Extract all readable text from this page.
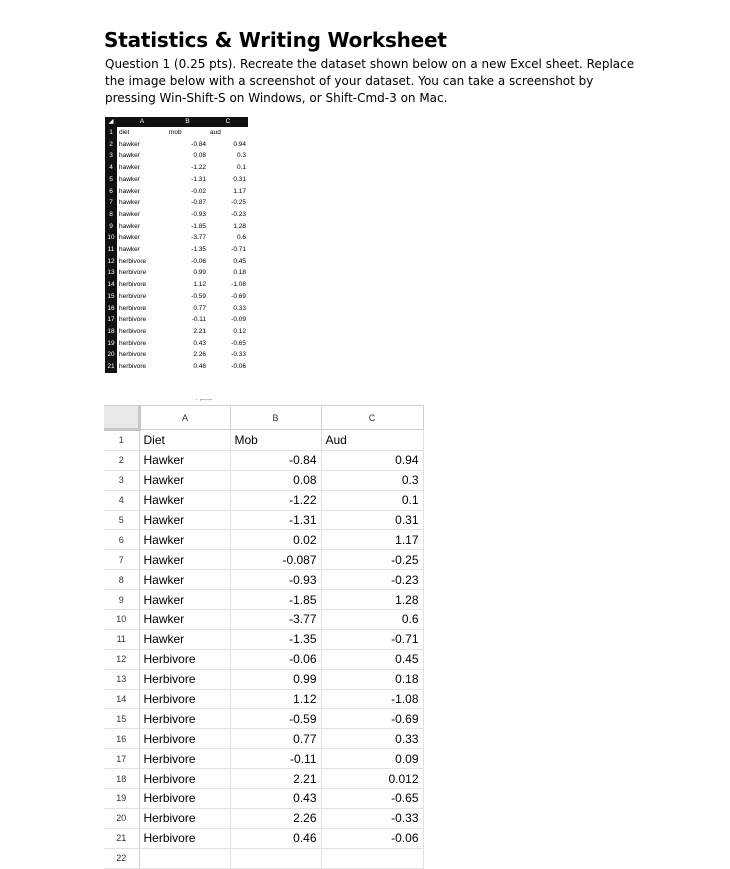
Statistics & Writing Worksheet
Question 1 (0.25 pts). Recreate the dataset shown below on a new Excel sheet. Replace the image below with a screenshot of your dataset. You can take a screenshot by pressing Win-Shift-S on Windows, or Shift-Cmd-3 on Mac.
◢	A	B	C
1	diet	mob	aud
2	hawker	-0.84	0.94
3	hawker	0.08	0.3
4	hawker	-1.22	0.1
5	hawker	-1.31	0.31
6	hawker	-0.02	1.17
7	hawker	-0.87	-0.25
8	hawker	-0.93	-0.23
9	hawker	-1.85	1.28
10	hawker	-3.77	0.6
11	hawker	-1.35	-0.71
12	herbivore	-0.06	0.45
13	herbivore	0.99	0.18
14	herbivore	1.12	-1.08
15	herbivore	-0.59	-0.69
16	herbivore	0.77	0.33
17	herbivore	-0.11	-0.09
18	herbivore	2.21	0.12
19	herbivore	0.43	-0.65
20	herbivore	2.26	-0.33
21	herbivore	0.46	-0.06
· ⌐—
	A	B	C
1	Diet	Mob	Aud
2	Hawker	-0.84	0.94
3	Hawker	0.08	0.3
4	Hawker	-1.22	0.1
5	Hawker	-1.31	0.31
6	Hawker	0.02	1.17
7	Hawker	-0.087	-0.25
8	Hawker	-0.93	-0.23
9	Hawker	-1.85	1.28
10	Hawker	-3.77	0.6
11	Hawker	-1.35	-0.71
12	Herbivore	-0.06	0.45
13	Herbivore	0.99	0.18
14	Herbivore	1.12	-1.08
15	Herbivore	-0.59	-0.69
16	Herbivore	0.77	0.33
17	Herbivore	-0.11	0.09
18	Herbivore	2.21	0.012
19	Herbivore	0.43	-0.65
20	Herbivore	2.26	-0.33
21	Herbivore	0.46	-0.06
22			
